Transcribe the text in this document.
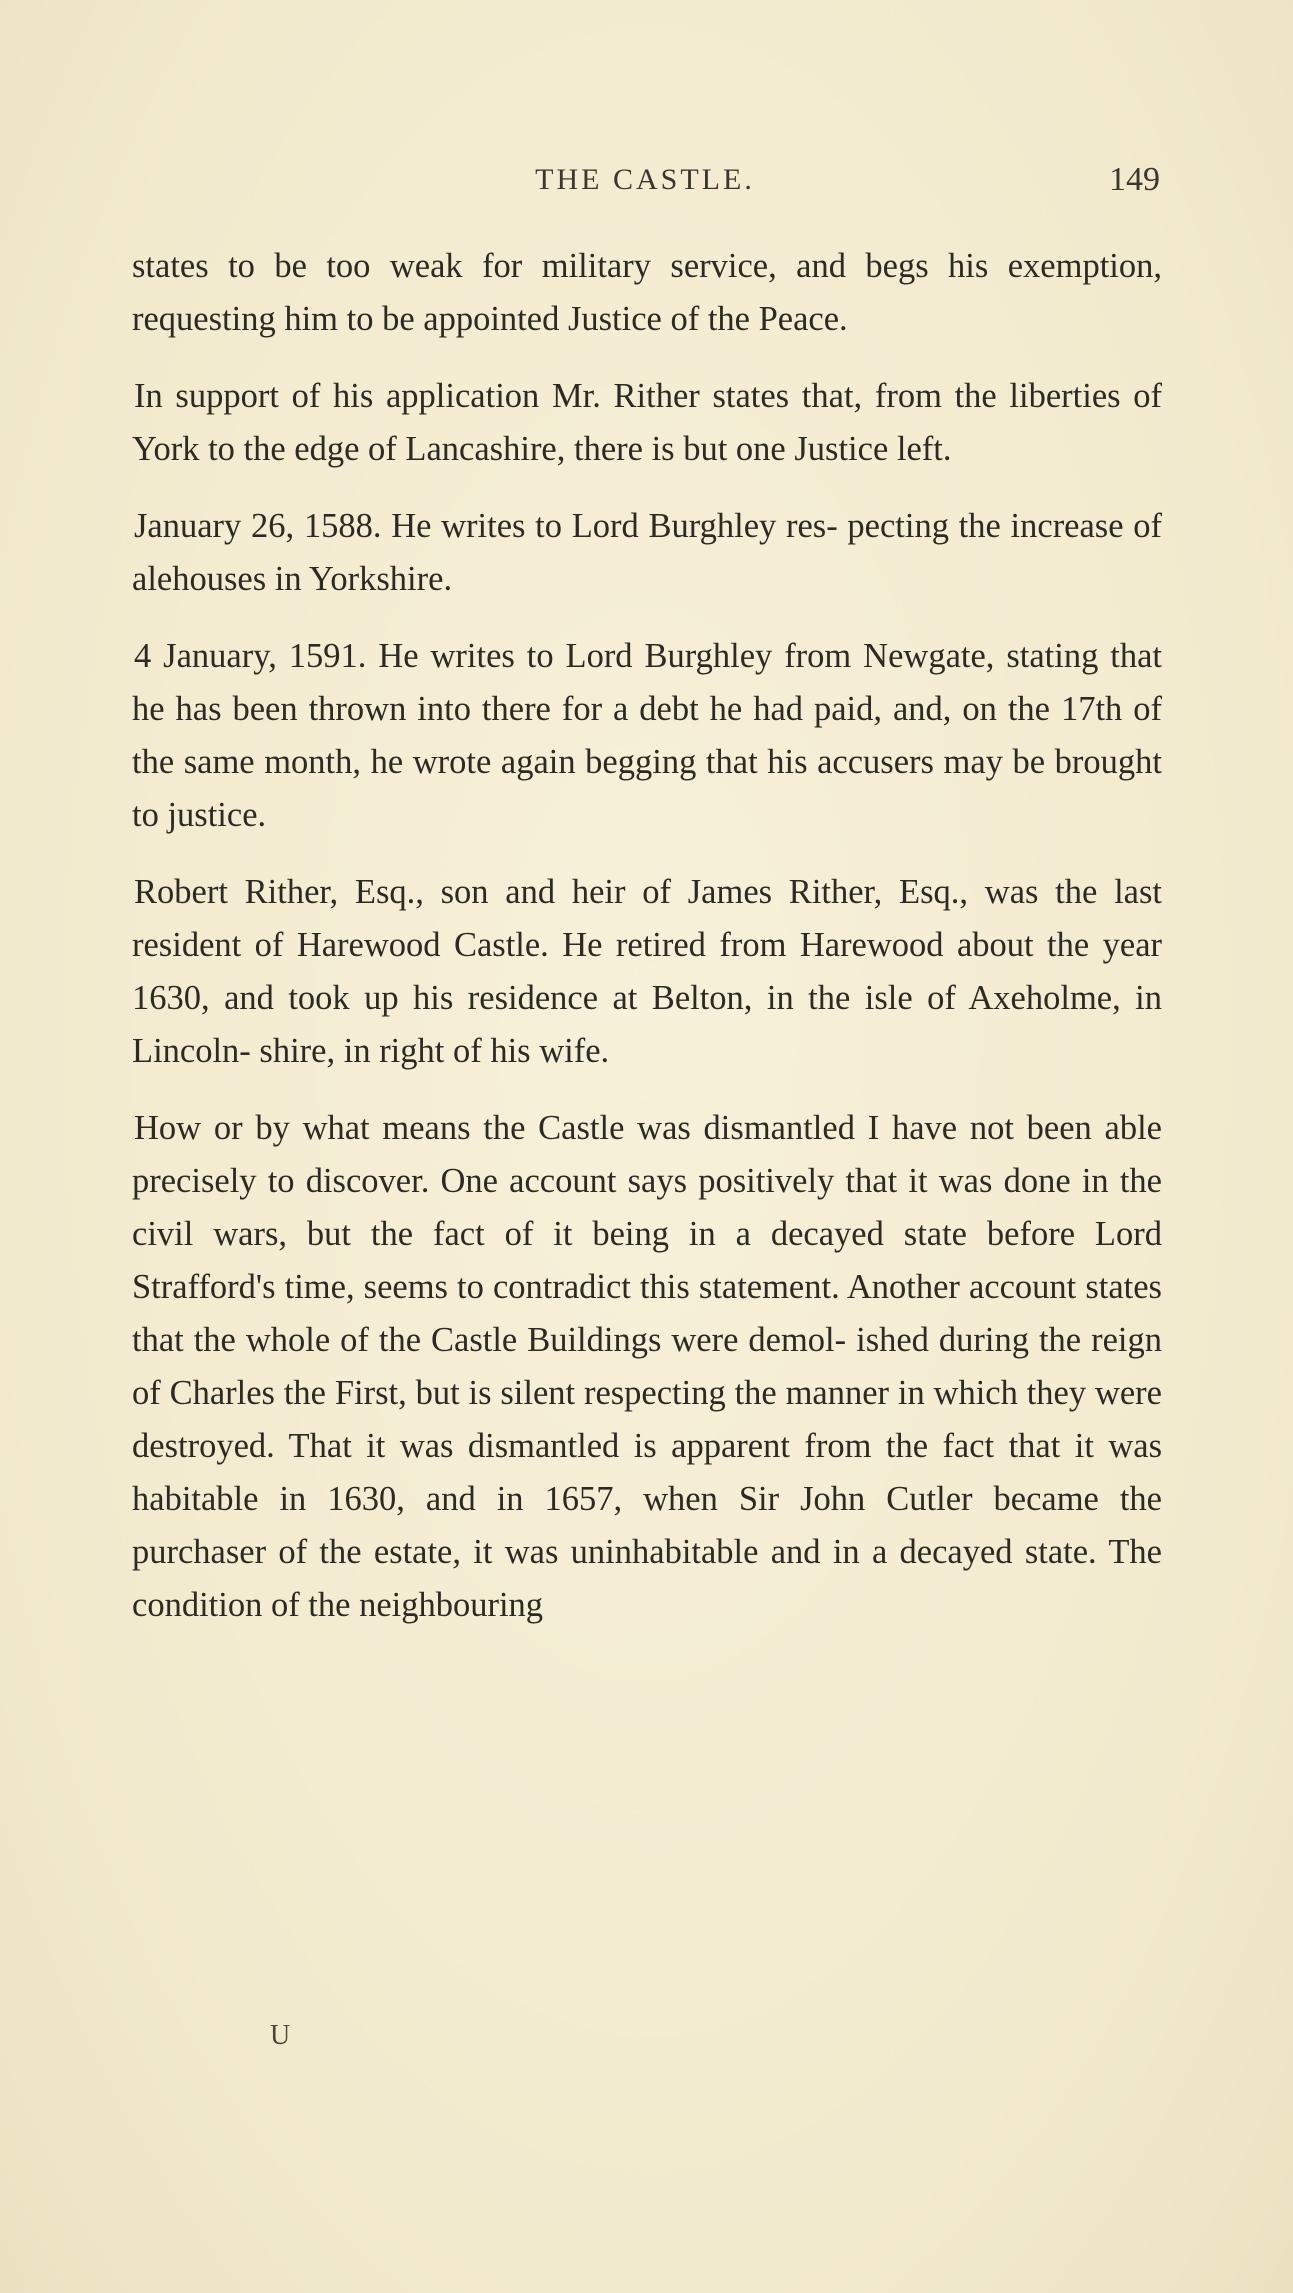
THE CASTLE.	149

states to be too weak for military service, and begs his exemption, requesting him to be appointed Justice of the Peace.

In support of his application Mr. Rither states that, from the liberties of York to the edge of Lancashire, there is but one Justice left.

January 26, 1588. He writes to Lord Burghley res- pecting the increase of alehouses in Yorkshire.

4 January, 1591. He writes to Lord Burghley from Newgate, stating that he has been thrown into there for a debt he had paid, and, on the 17th of the same month, he wrote again begging that his accusers may be brought to justice.

Robert Rither, Esq., son and heir of James Rither, Esq., was the last resident of Harewood Castle. He retired from Harewood about the year 1630, and took up his residence at Belton, in the isle of Axeholme, in Lincoln- shire, in right of his wife.

How or by what means the Castle was dismantled I have not been able precisely to discover. One account says positively that it was done in the civil wars, but the fact of it being in a decayed state before Lord Strafford's time, seems to contradict this statement. Another account states that the whole of the Castle Buildings were demol- ished during the reign of Charles the First, but is silent respecting the manner in which they were destroyed. That it was dismantled is apparent from the fact that it was habitable in 1630, and in 1657, when Sir John Cutler became the purchaser of the estate, it was uninhabitable and in a decayed state. The condition of the neighbouring

U
